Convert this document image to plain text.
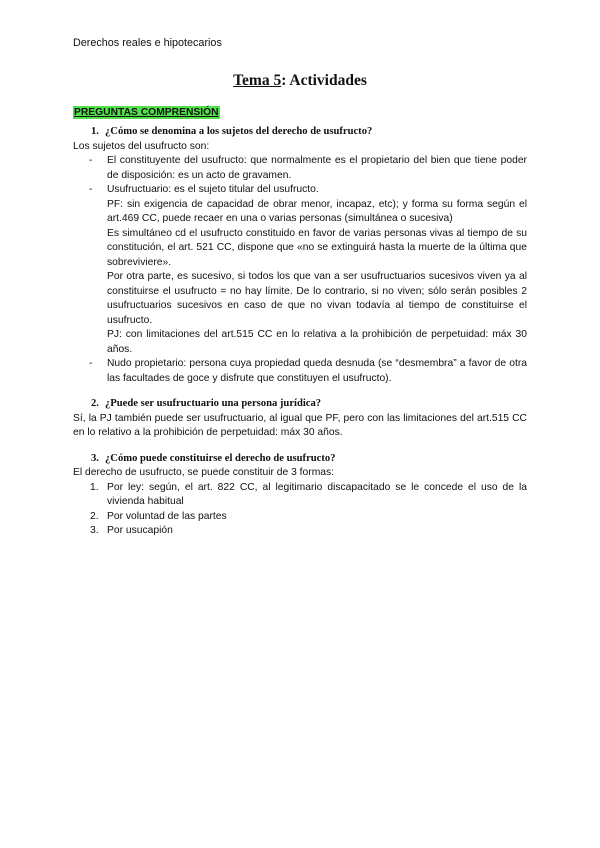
Derechos reales e hipotecarios
Tema 5: Actividades
PREGUNTAS COMPRENSIÓN
1. ¿Cómo se denomina a los sujetos del derecho de usufructo?

Los sujetos del usufructo son:

- El constituyente del usufructo: que normalmente es el propietario del bien que tiene poder de disposición: es un acto de gravamen.
- Usufructuario: es el sujeto titular del usufructo.
PF: sin exigencia de capacidad de obrar menor, incapaz, etc); y forma su forma según el art.469 CC, puede recaer en una o varias personas (simultánea o sucesiva)
Es simultáneo cd el usufructo constituido en favor de varias personas vivas al tiempo de su constitución, el art. 521 CC, dispone que «no se extinguirá hasta la muerte de la última que sobreviviere».
Por otra parte, es sucesivo, si todos los que van a ser usufructuarios sucesivos viven ya al constituirse el usufructo = no hay límite. De lo contrario, si no viven; sólo serán posibles 2 usufructuarios sucesivos en caso de que no vivan todavía al tiempo de constituirse el usufructo.
PJ: con limitaciones del art.515 CC en lo relativa a la prohibición de perpetuidad: máx 30 años.
- Nudo propietario: persona cuya propiedad queda desnuda (se “desmembra” a favor de otra las facultades de goce y disfrute que constituyen el usufructo).
2. ¿Puede ser usufructuario una persona jurídica?

Sí, la PJ también puede ser usufructuario, al igual que PF, pero con las limitaciones del art.515 CC en lo relativo a la prohibición de perpetuidad: máx 30 años.

3. ¿Cómo puede constituirse el derecho de usufructo?

El derecho de usufructo, se puede constituir de 3 formas:

1. Por ley: según, el art. 822 CC, al legitimario discapacitado se le concede el uso de la vivienda habitual
2. Por voluntad de las partes
3. Por usucapión
